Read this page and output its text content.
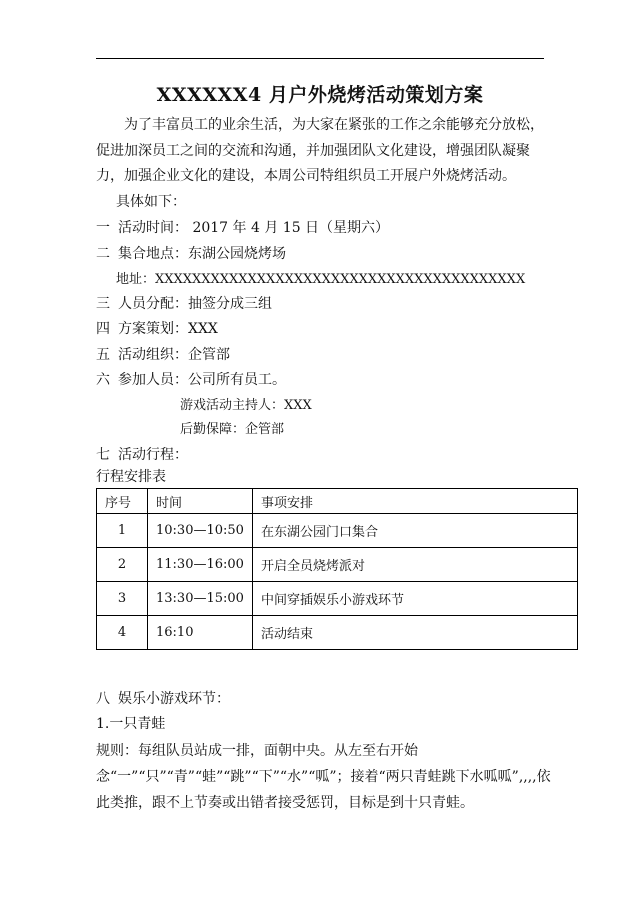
XXXXXX4 月户外烧烤活动策划方案
为了丰富员工的业余生活，为大家在紧张的工作之余能够充分放松，促进加深员工之间的交流和沟通，并加强团队文化建设，增强团队凝聚力，加强企业文化的建设，本周公司特组织员工开展户外烧烤活动。
具体如下：
一 活动时间： 2017 年 4 月 15 日（星期六）
二 集合地点：东湖公园烧烤场
地址：XXXXXXXXXXXXXXXXXXXXXXXXXXXXXXXXXXXXXXXX
三 人员分配：抽签分成三组
四 方案策划：XXX
五 活动组织：企管部
六 参加人员：公司所有员工。
游戏活动主持人：XXX
后勤保障：企管部
七 活动行程：
行程安排表
序号	时间	事项安排
1	10:30—10:50	在东湖公园门口集合
2	11:30—16:00	开启全员烧烤派对
3	13:30—15:00	中间穿插娱乐小游戏环节
4	16:10	活动结束
八 娱乐小游戏环节：
1.一只青蛙
规则：每组队员站成一排，面朝中央。从左至右开始念“一”“只”“青”“蛙”“跳”“下”“水”“呱”；接着“两只青蛙跳下水呱呱”,,,,依此类推，跟不上节奏或出错者接受惩罚，目标是到十只青蛙。
